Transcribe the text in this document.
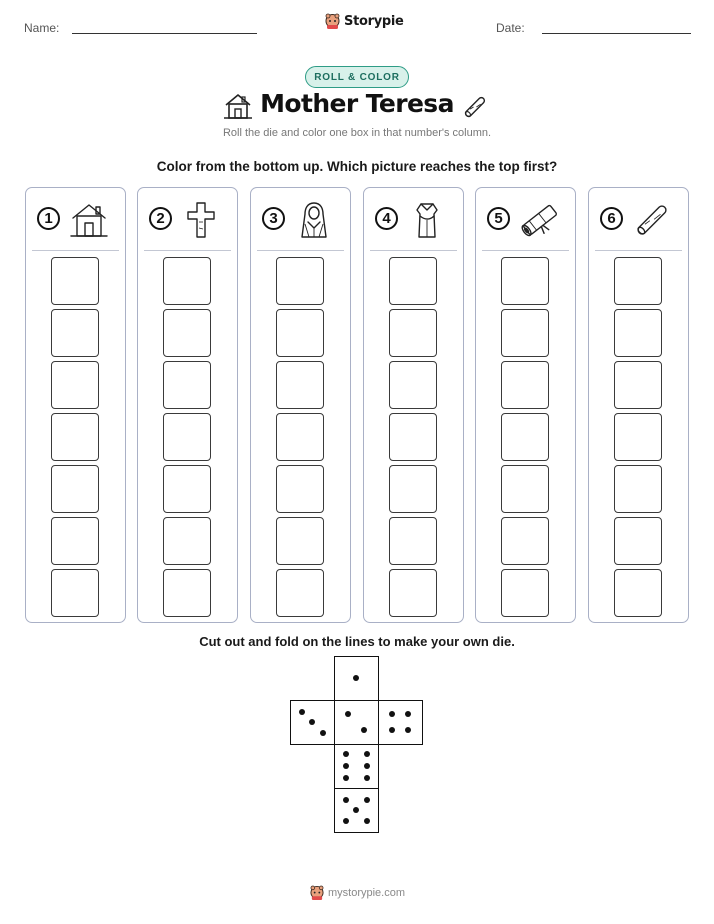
Name:	Storypie	Date:
ROLL & COLOR
Mother Teresa
Roll the die and color one box in that number's column.
Color from the bottom up. Which picture reaches the top first?
1	2	3	4	5	6
Cut out and fold on the lines to make your own die.
mystorypie.com
